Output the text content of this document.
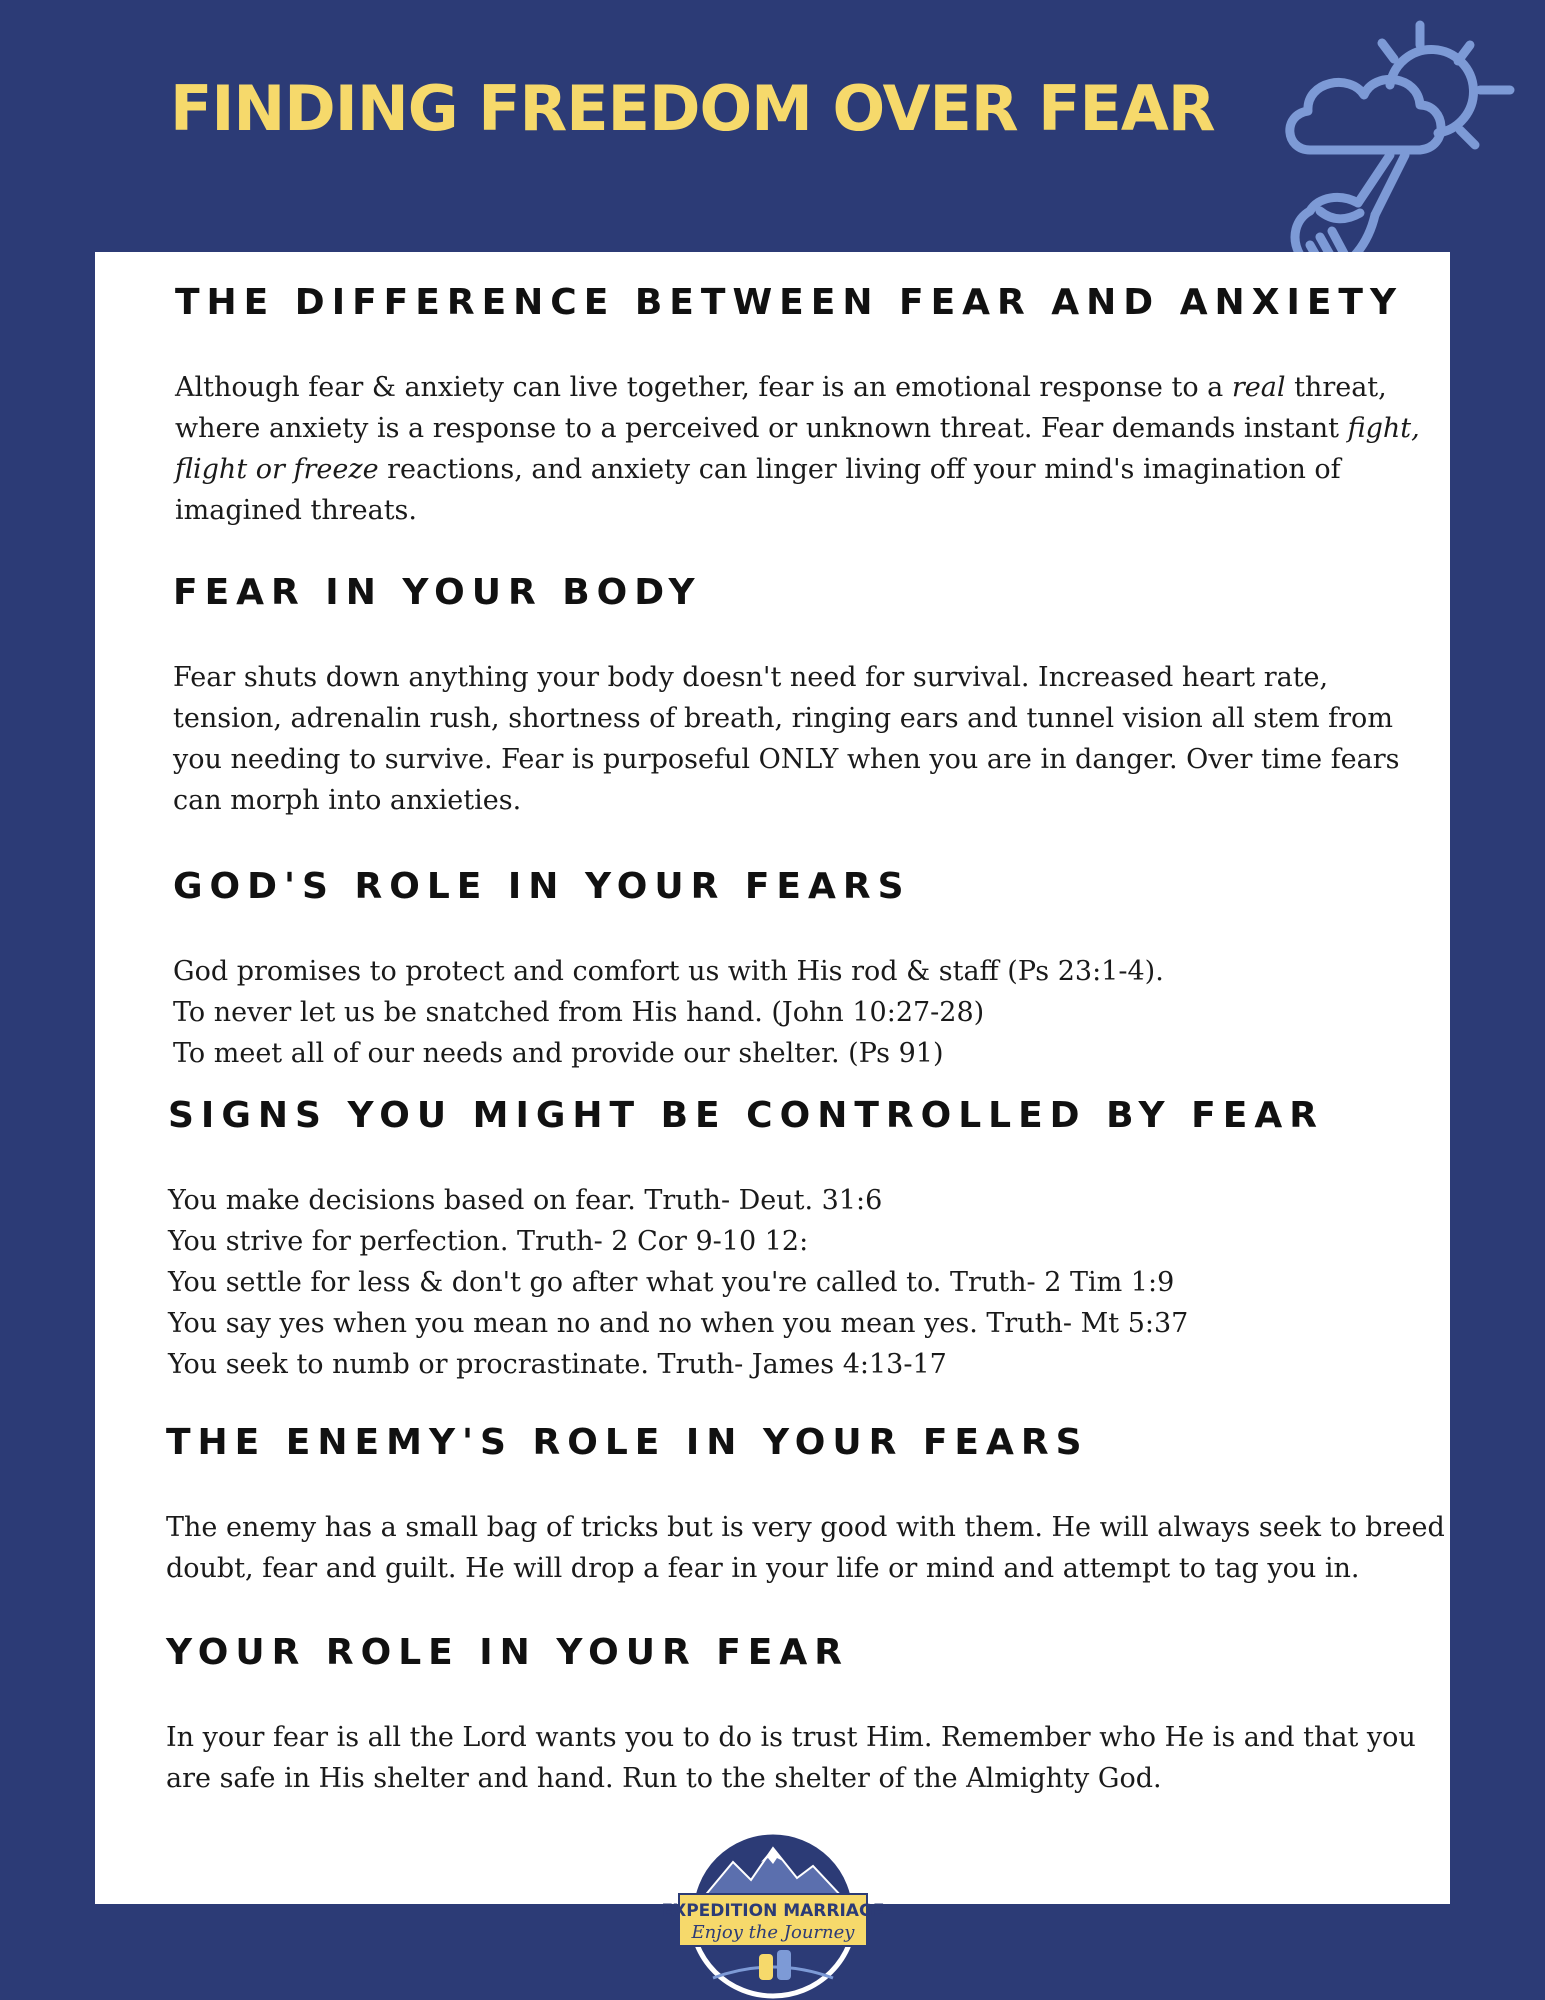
FINDING FREEDOM OVER FEAR
THE DIFFERENCE BETWEEN FEAR AND ANXIETY
Although fear & anxiety can live together, fear is an emotional response to a real threat,
where anxiety is a response to a perceived or unknown threat. Fear demands instant fight,
flight or freeze reactions, and anxiety can linger living off your mind's imagination of
imagined threats.
FEAR IN YOUR BODY
Fear shuts down anything your body doesn't need for survival. Increased heart rate,
tension, adrenalin rush, shortness of breath, ringing ears and tunnel vision all stem from
you needing to survive. Fear is purposeful ONLY when you are in danger. Over time fears
can morph into anxieties.
GOD'S ROLE IN YOUR FEARS
God promises to protect and comfort us with His rod & staff (Ps 23:1-4).
To never let us be snatched from His hand. (John 10:27-28)
To meet all of our needs and provide our shelter. (Ps 91)
SIGNS YOU MIGHT BE CONTROLLED BY FEAR
You make decisions based on fear. Truth- Deut. 31:6
You strive for perfection. Truth- 2 Cor 9-10 12:
You settle for less & don't go after what you're called to. Truth- 2 Tim 1:9
You say yes when you mean no and no when you mean yes. Truth- Mt 5:37
You seek to numb or procrastinate. Truth- James 4:13-17
THE ENEMY'S ROLE IN YOUR FEARS
The enemy has a small bag of tricks but is very good with them. He will always seek to breed
doubt, fear and guilt. He will drop a fear in your life or mind and attempt to tag you in.
YOUR ROLE IN YOUR FEAR
In your fear is all the Lord wants you to do is trust Him. Remember who He is and that you
are safe in His shelter and hand. Run to the shelter of the Almighty God.
EXPEDITION MARRIAGE
Enjoy the Journey
